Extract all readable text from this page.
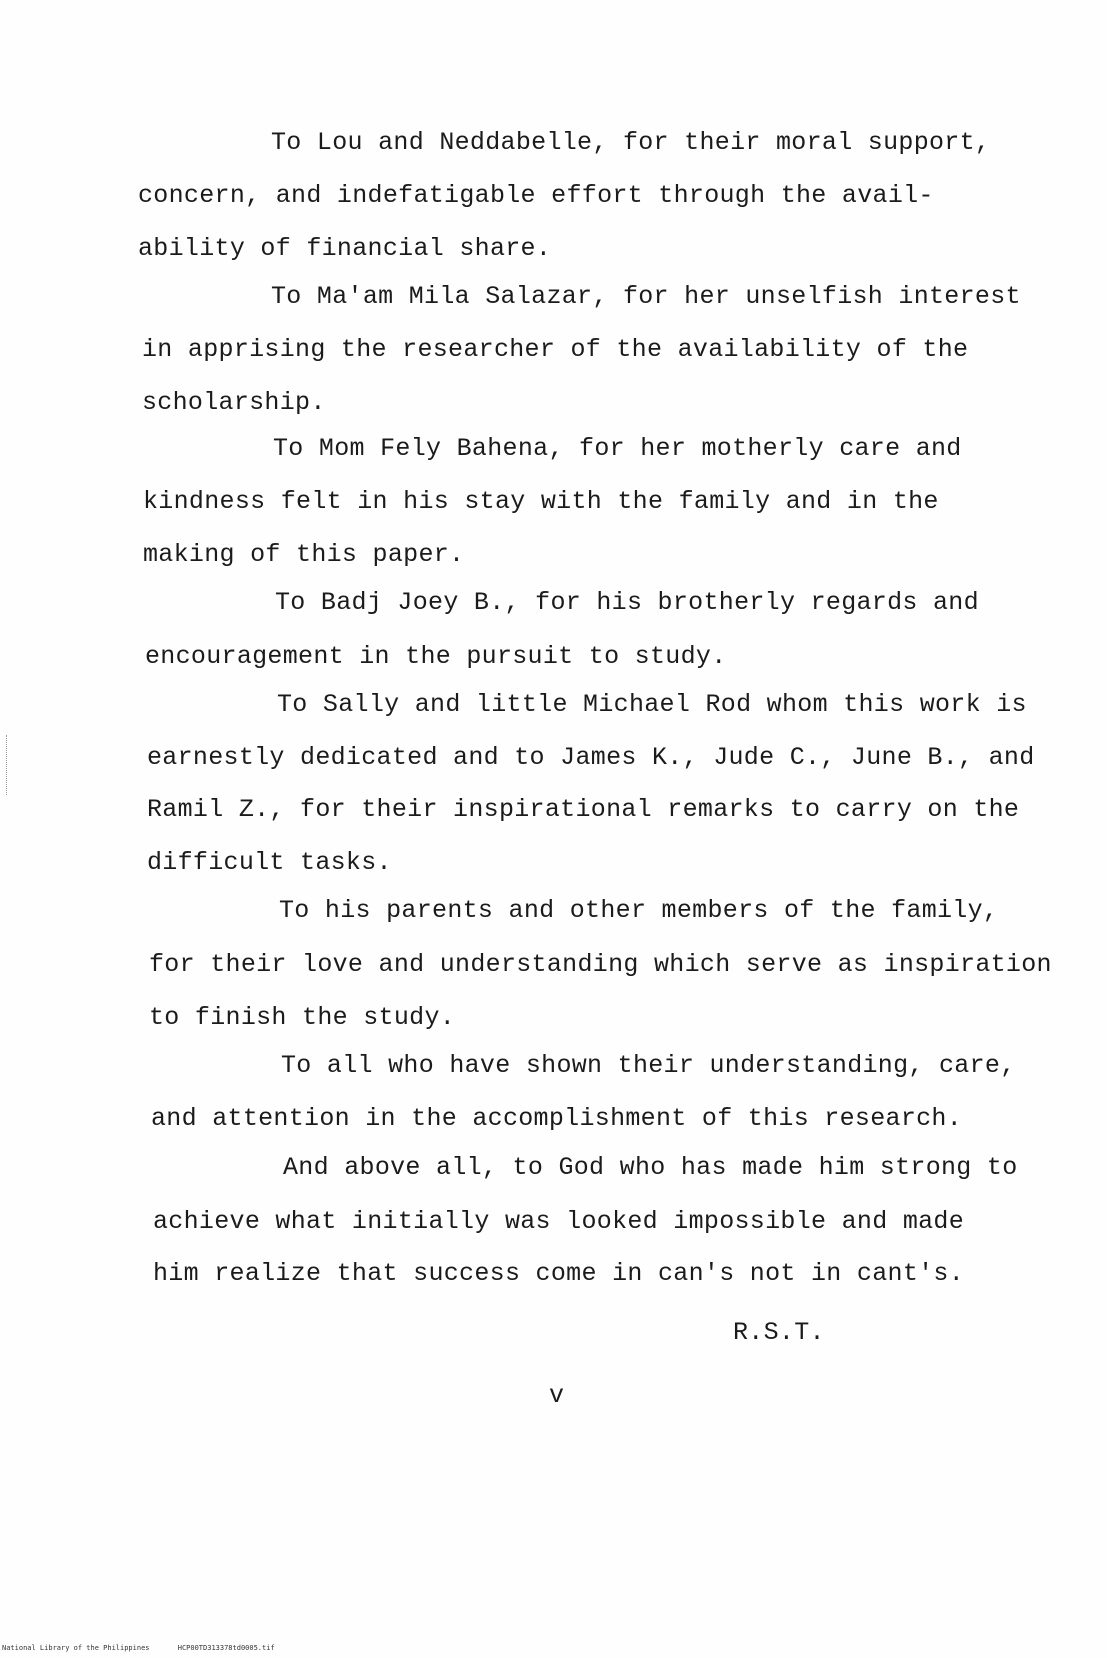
To Lou and Neddabelle, for their moral support,
concern, and indefatigable effort through the avail-
ability of financial share.
To Ma'am Mila Salazar, for her unselfish interest
in apprising the researcher of the availability of the
scholarship.
To Mom Fely Bahena, for her motherly care and
kindness felt in his stay with the family and in the
making of this paper.
To Badj Joey B., for his brotherly regards and
encouragement in the pursuit to study.
To Sally and little Michael Rod whom this work is
earnestly dedicated and to James K., Jude C., June B., and
Ramil Z., for their inspirational remarks to carry on the
difficult tasks.
To his parents and other members of the family,
for their love and understanding which serve as inspiration
to finish the study.
To all who have shown their understanding, care,
and attention in the accomplishment of this research.
And above all, to God who has made him strong to
achieve what initially was looked impossible and made
him realize that success come in can's not in cant's.
R.S.T.
v
National Library of the Philippines	HCP00TD313378td0005.tif
